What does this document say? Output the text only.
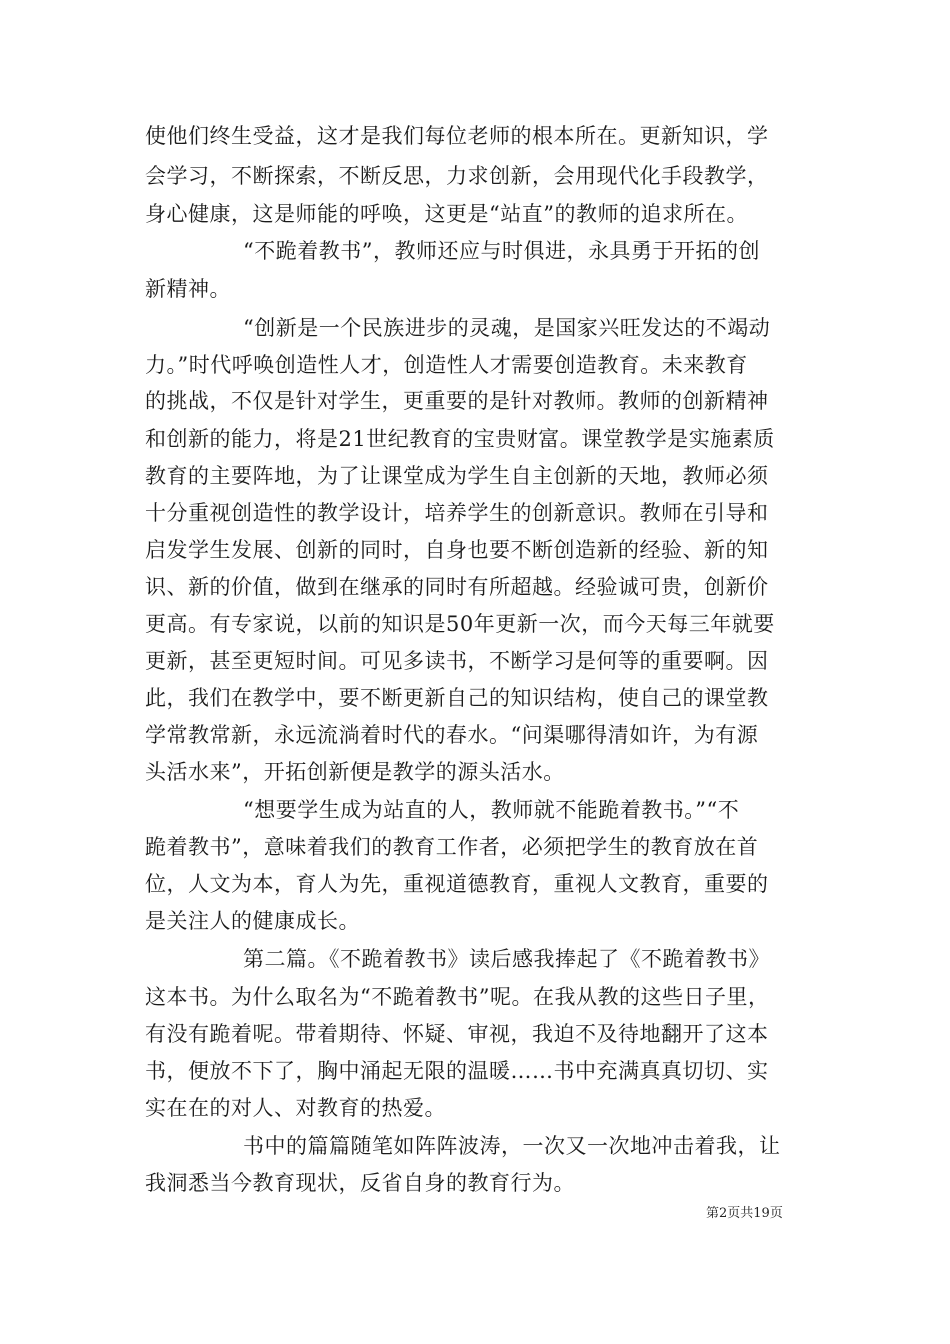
使他们终生受益，这才是我们每位老师的根本所在。更新知识，学
会学习，不断探索，不断反思，力求创新，会用现代化手段教学，
身心健康，这是师能的呼唤，这更是“站直”的教师的追求所在。
“不跪着教书”，教师还应与时俱进，永具勇于开拓的创
新精神。
“创新是一个民族进步的灵魂，是国家兴旺发达的不竭动
力。”时代呼唤创造性人才，创造性人才需要创造教育。未来教育
的挑战，不仅是针对学生，更重要的是针对教师。教师的创新精神
和创新的能力，将是21世纪教育的宝贵财富。课堂教学是实施素质
教育的主要阵地，为了让课堂成为学生自主创新的天地，教师必须
十分重视创造性的教学设计，培养学生的创新意识。教师在引导和
启发学生发展、创新的同时，自身也要不断创造新的经验、新的知
识、新的价值，做到在继承的同时有所超越。经验诚可贵，创新价
更高。有专家说，以前的知识是50年更新一次，而今天每三年就要
更新，甚至更短时间。可见多读书，不断学习是何等的重要啊。因
此，我们在教学中，要不断更新自己的知识结构，使自己的课堂教
学常教常新，永远流淌着时代的春水。“问渠哪得清如许，为有源
头活水来”，开拓创新便是教学的源头活水。
“想要学生成为站直的人，教师就不能跪着教书。”“不
跪着教书”，意味着我们的教育工作者，必须把学生的教育放在首
位，人文为本，育人为先，重视道德教育，重视人文教育，重要的
是关注人的健康成长。
第二篇。《不跪着教书》读后感我捧起了《不跪着教书》
这本书。为什么取名为“不跪着教书”呢。在我从教的这些日子里，
有没有跪着呢。带着期待、怀疑、审视，我迫不及待地翻开了这本
书，便放不下了，胸中涌起无限的温暖……书中充满真真切切、实
实在在的对人、对教育的热爱。
书中的篇篇随笔如阵阵波涛，一次又一次地冲击着我，让
我洞悉当今教育现状，反省自身的教育行为。
第2页共19页
